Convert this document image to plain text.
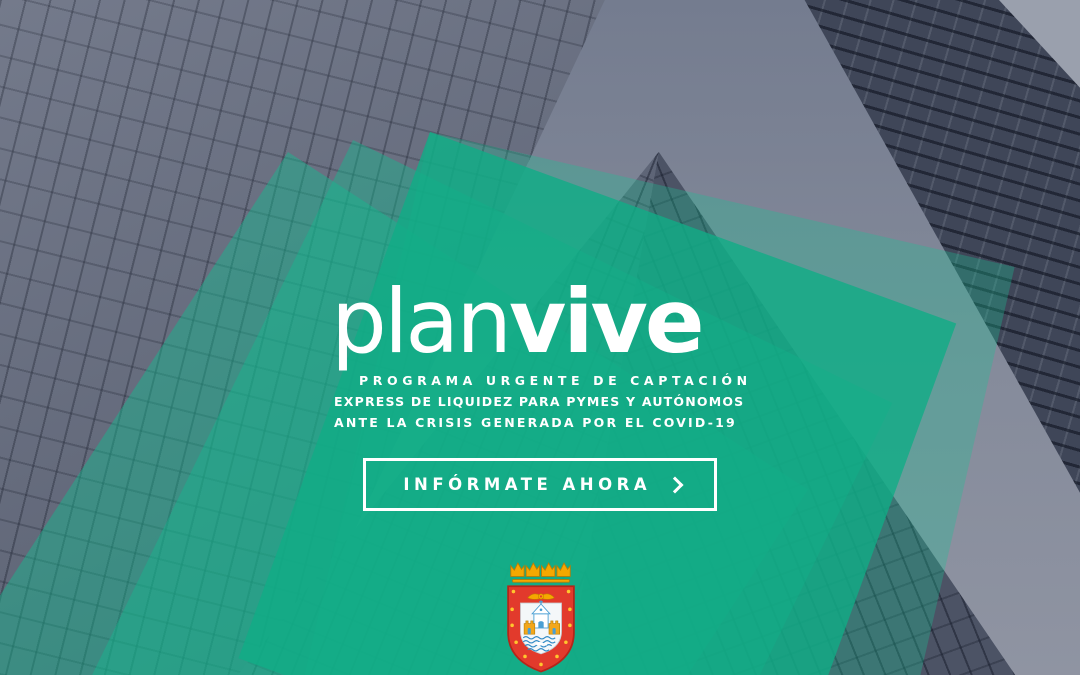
planvive
PROGRAMA URGENTE DE CAPTACIÓN
EXPRESS DE LIQUIDEZ PARA PYMES Y AUTÓNOMOS
ANTE LA CRISIS GENERADA POR EL COVID-19
INFÓRMATE AHORA
